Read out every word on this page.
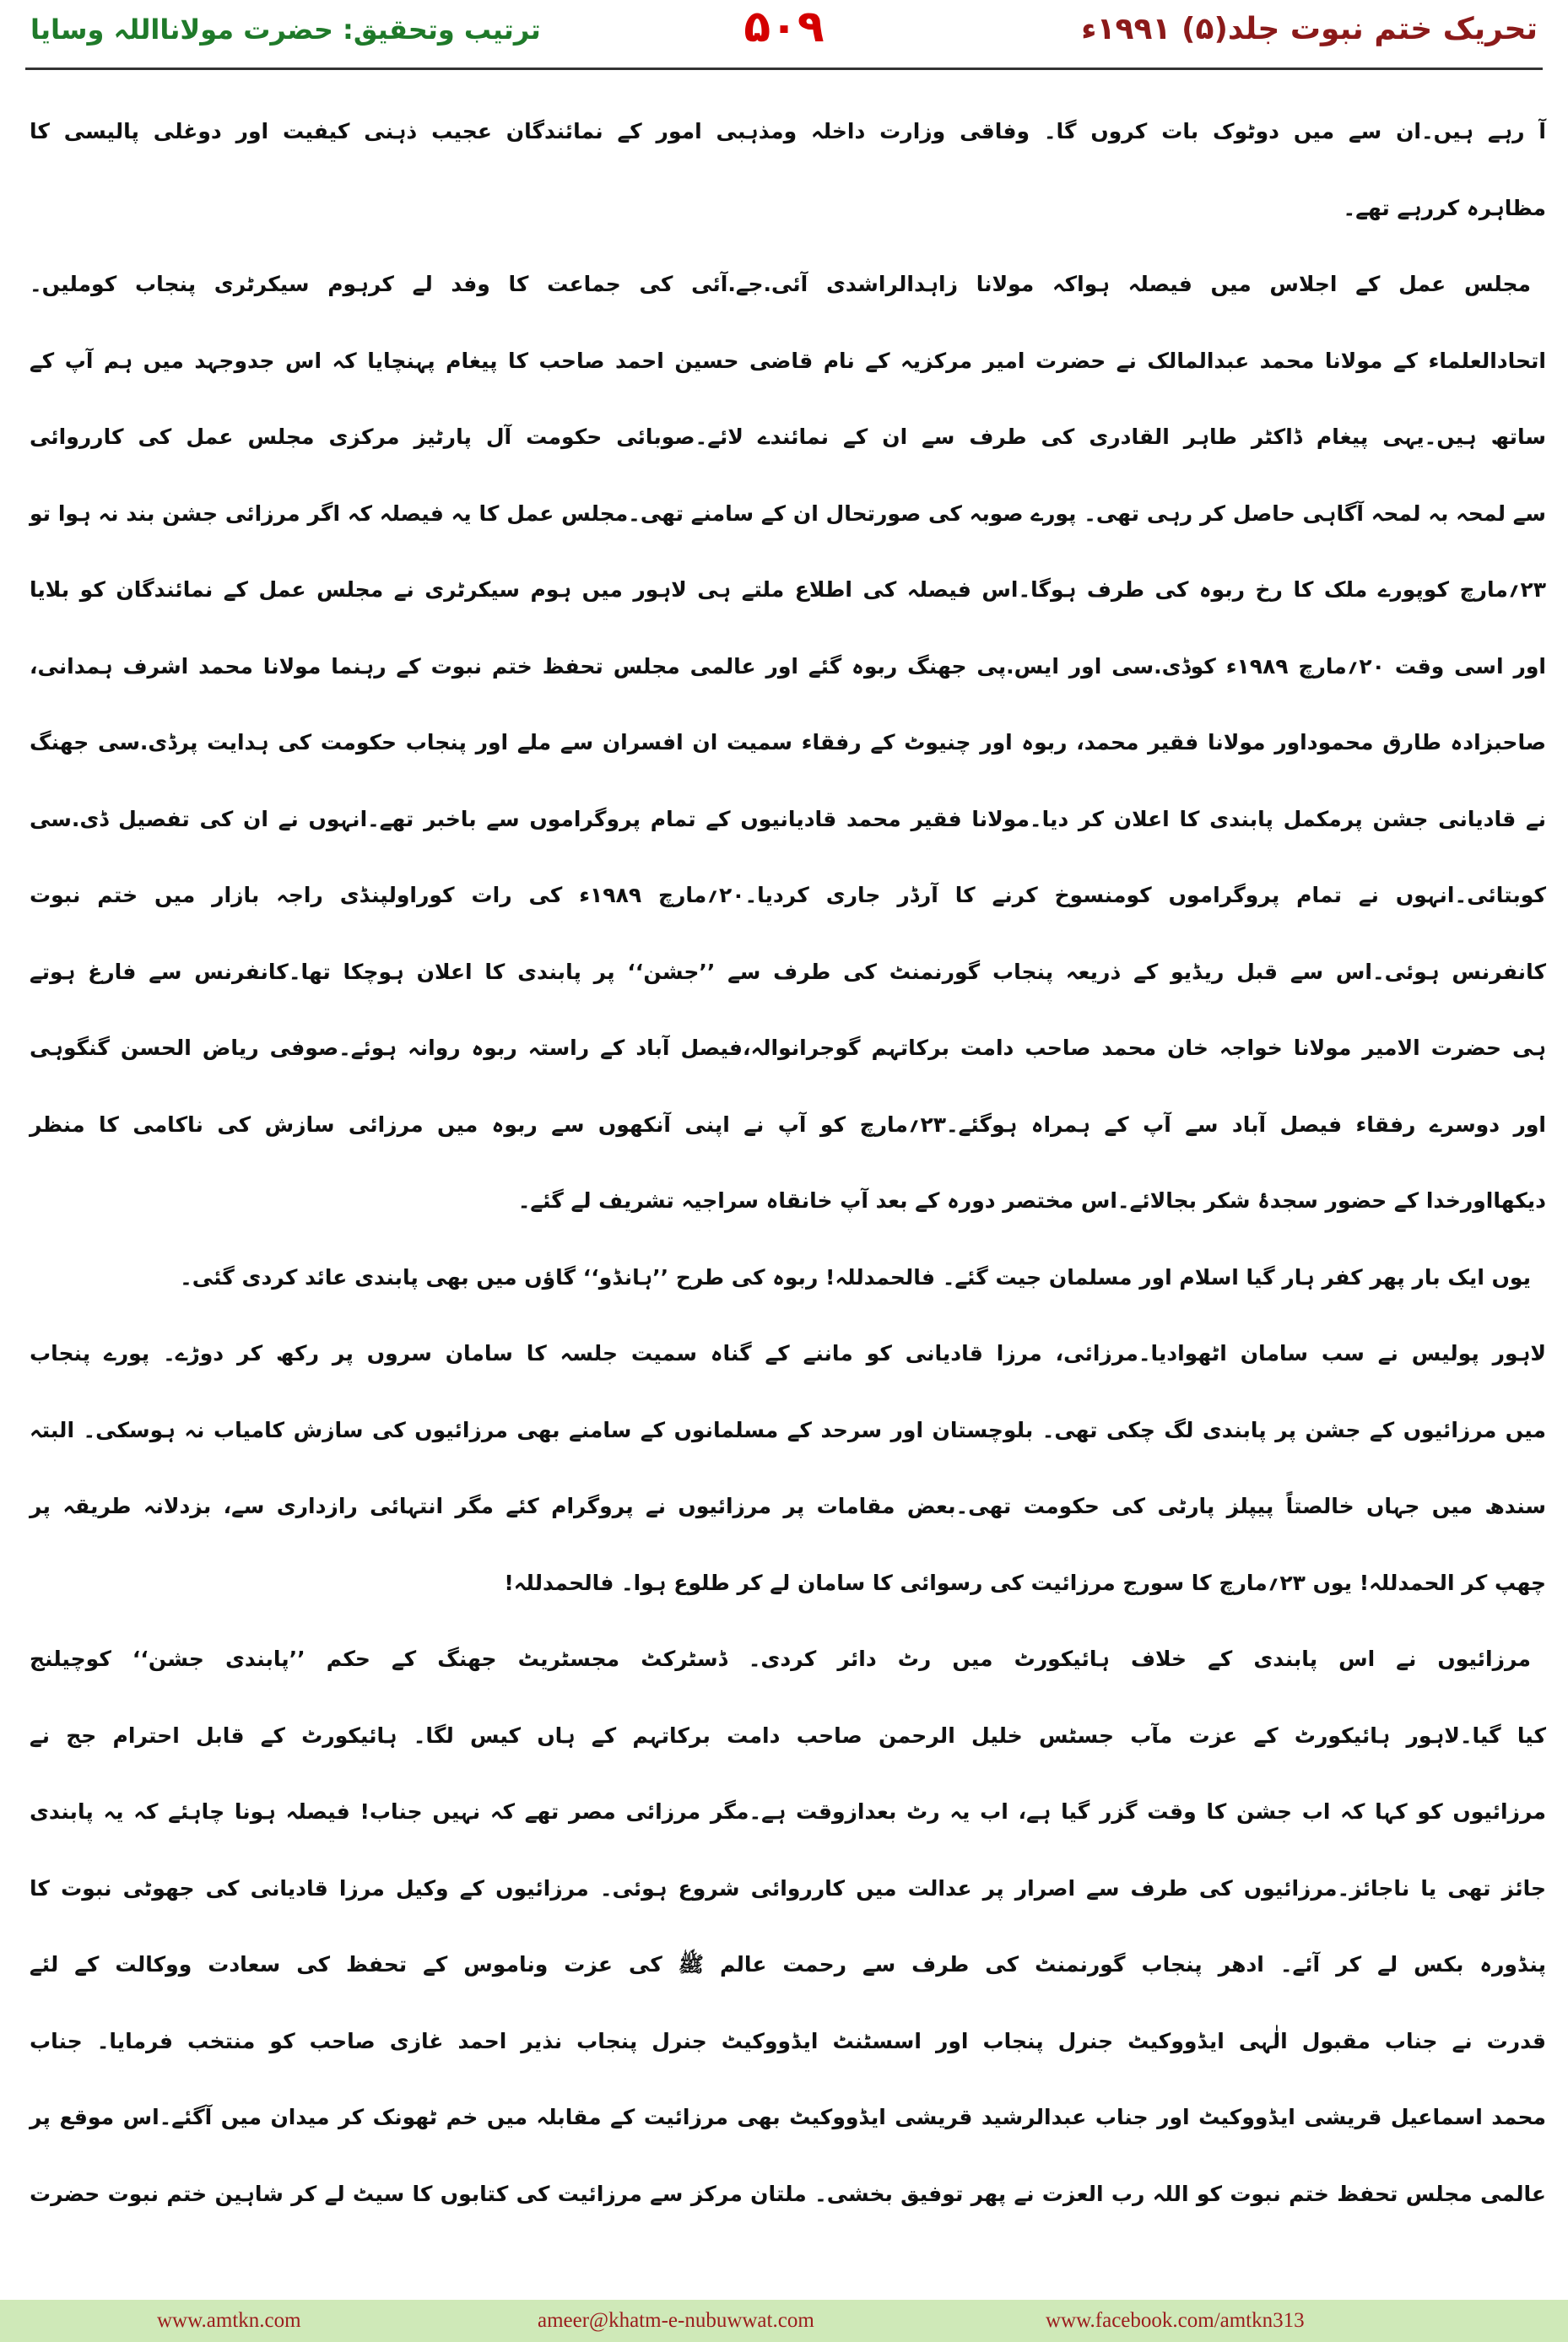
تحریک ختم نبوت جلد(۵) ۱۹۹۱ء
۵۰۹
ترتیب وتحقیق: حضرت مولانااللہ وسایا
آ رہے ہیں۔ان سے میں دوٹوک بات کروں گا۔ وفاقی وزارت داخلہ ومذہبی امور کے نمائندگان عجیب ذہنی کیفیت اور دوغلی پالیسی کا
مظاہرہ کررہے تھے۔
مجلس عمل کے اجلاس میں فیصلہ ہواکہ مولانا زاہدالراشدی آئی.جے.آئی کی جماعت کا وفد لے کرہوم سیکرٹری پنجاب کوملیں۔
اتحادالعلماء کے مولانا محمد عبدالمالک نے حضرت امیر مرکزیہ کے نام قاضی حسین احمد صاحب کا پیغام پہنچایا کہ اس جدوجہد میں ہم آپ کے
ساتھ ہیں۔یہی پیغام ڈاکٹر طاہر القادری کی طرف سے ان کے نمائندے لائے۔صوبائی حکومت آل پارٹیز مرکزی مجلس عمل کی کارروائی
سے لمحہ بہ لمحہ آگاہی حاصل کر رہی تھی۔ پورے صوبہ کی صورتحال ان کے سامنے تھی۔مجلس عمل کا یہ فیصلہ کہ اگر مرزائی جشن بند نہ ہوا تو
۲۳؍مارچ کوپورے ملک کا رخ ربوہ کی طرف ہوگا۔اس فیصلہ کی اطلاع ملتے ہی لاہور میں ہوم سیکرٹری نے مجلس عمل کے نمائندگان کو بلایا
اور اسی وقت ۲۰؍مارچ ۱۹۸۹ء کوڈی.سی اور ایس.پی جھنگ ربوہ گئے اور عالمی مجلس تحفظ ختم نبوت کے رہنما مولانا محمد اشرف ہمدانی،
صاحبزادہ طارق محموداور مولانا فقیر محمد، ربوہ اور چنیوٹ کے رفقاء سمیت ان افسران سے ملے اور پنجاب حکومت کی ہدایت پرڈی.سی جھنگ
نے قادیانی جشن پرمکمل پابندی کا اعلان کر دیا۔مولانا فقیر محمد قادیانیوں کے تمام پروگراموں سے باخبر تھے۔انہوں نے ان کی تفصیل ڈی.سی
کوبتائی۔انہوں نے تمام پروگراموں کومنسوخ کرنے کا آرڈر جاری کردیا۔۲۰؍مارچ ۱۹۸۹ء کی رات کوراولپنڈی راجہ بازار میں ختم نبوت
کانفرنس ہوئی۔اس سے قبل ریڈیو کے ذریعہ پنجاب گورنمنٹ کی طرف سے ’’جشن‘‘ پر پابندی کا اعلان ہوچکا تھا۔کانفرنس سے فارغ ہوتے
ہی حضرت الامیر مولانا خواجہ خان محمد صاحب دامت برکاتہم گوجرانوالہ،فیصل آباد کے راستہ ربوہ روانہ ہوئے۔صوفی ریاض الحسن گنگوہی
اور دوسرے رفقاء فیصل آباد سے آپ کے ہمراہ ہوگئے۔۲۳؍مارچ کو آپ نے اپنی آنکھوں سے ربوہ میں مرزائی سازش کی ناکامی کا منظر
دیکھااورخدا کے حضور سجدۂ شکر بجالائے۔اس مختصر دورہ کے بعد آپ خانقاہ سراجیہ تشریف لے گئے۔
یوں ایک بار پھر کفر ہار گیا اسلام اور مسلمان جیت گئے۔ فالحمدللہ! ربوہ کی طرح ’’ہانڈو‘‘ گاؤں میں بھی پابندی عائد کردی گئی۔
لاہور پولیس نے سب سامان اٹھوادیا۔مرزائی، مرزا قادیانی کو ماننے کے گناہ سمیت جلسہ کا سامان سروں پر رکھ کر دوڑے۔ پورے پنجاب
میں مرزائیوں کے جشن پر پابندی لگ چکی تھی۔ بلوچستان اور سرحد کے مسلمانوں کے سامنے بھی مرزائیوں کی سازش کامیاب نہ ہوسکی۔ البتہ
سندھ میں جہاں خالصتاً پیپلز پارٹی کی حکومت تھی۔بعض مقامات پر مرزائیوں نے پروگرام کئے مگر انتہائی رازداری سے، بزدلانہ طریقہ پر
چھپ کر الحمدللہ! یوں ۲۳؍مارچ کا سورج مرزائیت کی رسوائی کا سامان لے کر طلوع ہوا۔ فالحمدللہ!
مرزائیوں نے اس پابندی کے خلاف ہائیکورٹ میں رٹ دائر کردی۔ ڈسٹرکٹ مجسٹریٹ جھنگ کے حکم ’’پابندی جشن‘‘ کوچیلنج
کیا گیا۔لاہور ہائیکورٹ کے عزت مآب جسٹس خلیل الرحمن صاحب دامت برکاتہم کے ہاں کیس لگا۔ ہائیکورٹ کے قابل احترام جج نے
مرزائیوں کو کہا کہ اب جشن کا وقت گزر گیا ہے، اب یہ رٹ بعدازوقت ہے۔مگر مرزائی مصر تھے کہ نہیں جناب! فیصلہ ہونا چاہئے کہ یہ پابندی
جائز تھی یا ناجائز۔مرزائیوں کی طرف سے اصرار پر عدالت میں کارروائی شروع ہوئی۔ مرزائیوں کے وکیل مرزا قادیانی کی جھوٹی نبوت کا
پنڈورہ بکس لے کر آئے۔ ادھر پنجاب گورنمنٹ کی طرف سے رحمت عالم ﷺ کی عزت وناموس کے تحفظ کی سعادت ووکالت کے لئے
قدرت نے جناب مقبول الٰہی ایڈووکیٹ جنرل پنجاب اور اسسٹنٹ ایڈووکیٹ جنرل پنجاب نذیر احمد غازی صاحب کو منتخب فرمایا۔ جناب
محمد اسماعیل قریشی ایڈووکیٹ اور جناب عبدالرشید قریشی ایڈووکیٹ بھی مرزائیت کے مقابلہ میں خم ٹھونک کر میدان میں آگئے۔اس موقع پر
عالمی مجلس تحفظ ختم نبوت کو اللہ رب العزت نے پھر توفیق بخشی۔ ملتان مرکز سے مرزائیت کی کتابوں کا سیٹ لے کر شاہین ختم نبوت حضرت
www.amtkn.com	ameer@khatm-e-nubuwwat.com	www.facebook.com/amtkn313
